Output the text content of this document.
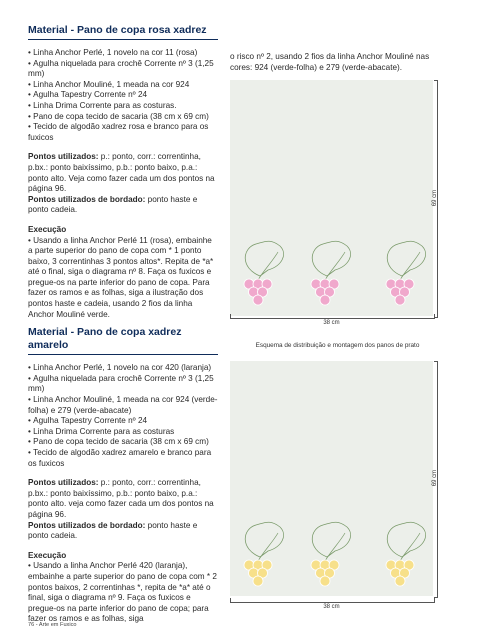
Material - Pano de copa rosa xadrez
• Linha Anchor Perlé, 1 novelo na cor 11 (rosa)
• Agulha niquelada para crochê Corrente nº 3 (1,25 mm)
• Linha Anchor Mouliné, 1 meada na cor 924
• Agulha Tapestry Corrente nº 24
• Linha Drima Corrente para as costuras.
• Pano de copa tecido de sacaria (38 cm x 69 cm)
• Tecido de algodão xadrez rosa e branco para os fuxicos

Pontos utilizados: p.: ponto, corr.: correntinha, p.bx.: ponto baixíssimo, p.b.: ponto baixo, p.a.: ponto alto. Veja como fazer cada um dos pontos na página 96.
Pontos utilizados de bordado: ponto haste e ponto cadeia.

Execução
• Usando a linha Anchor Perlé 11 (rosa), embainhe a parte superior do pano de copa com * 1 ponto baixo, 3 correntinhas 3 pontos altos*. Repita de *a* até o final, siga o diagrama nº 8. Faça os fuxicos e pregue-os na parte inferior do pano de copa. Para fazer os ramos e as folhas, siga a ilustração dos pontos haste e cadeia, usando 2 fios da linha Anchor Mouliné verde.
Material - Pano de copa xadrez amarelo
• Linha Anchor Perlé, 1 novelo na cor 420 (laranja)
• Agulha niquelada para crochê Corrente nº 3 (1,25 mm)
• Linha Anchor Mouliné, 1 meada na cor 924 (verde- folha) e 279 (verde-abacate)
• Agulha Tapestry Corrente nº 24
• Linha Drima Corrente para as costuras
• Pano de copa tecido de sacaria (38 cm x 69 cm)
• Tecido de algodão xadrez amarelo e branco para os fuxicos

Pontos utilizados: p.: ponto, corr.: correntinha, p.bx.: ponto baixíssimo, p.b.: ponto baixo, p.a.: ponto alto. veja como fazer cada um dos pontos na página 96.
Pontos utilizados de bordado: ponto haste e ponto cadeia.

Execução
• Usando a linha Anchor Perlé 420 (laranja), embainhe a parte superior do pano de copa com * 2 pontos baixos, 2 correntinhas *, repita de *a* até o final, siga o diagrama nº 9. Faça os fuxicos e pregue-os na parte inferior do pano de copa; para fazer os ramos e as folhas, siga
o risco nº 2, usando 2 fios da linha Anchor Mouliné nas cores: 924 (verde-folha) e 279 (verde-abacate).
38 cm
69 cm
Esquema de distribuição e montagem dos panos de prato
38 cm
69 cm
76 - Arte em Fuxico
